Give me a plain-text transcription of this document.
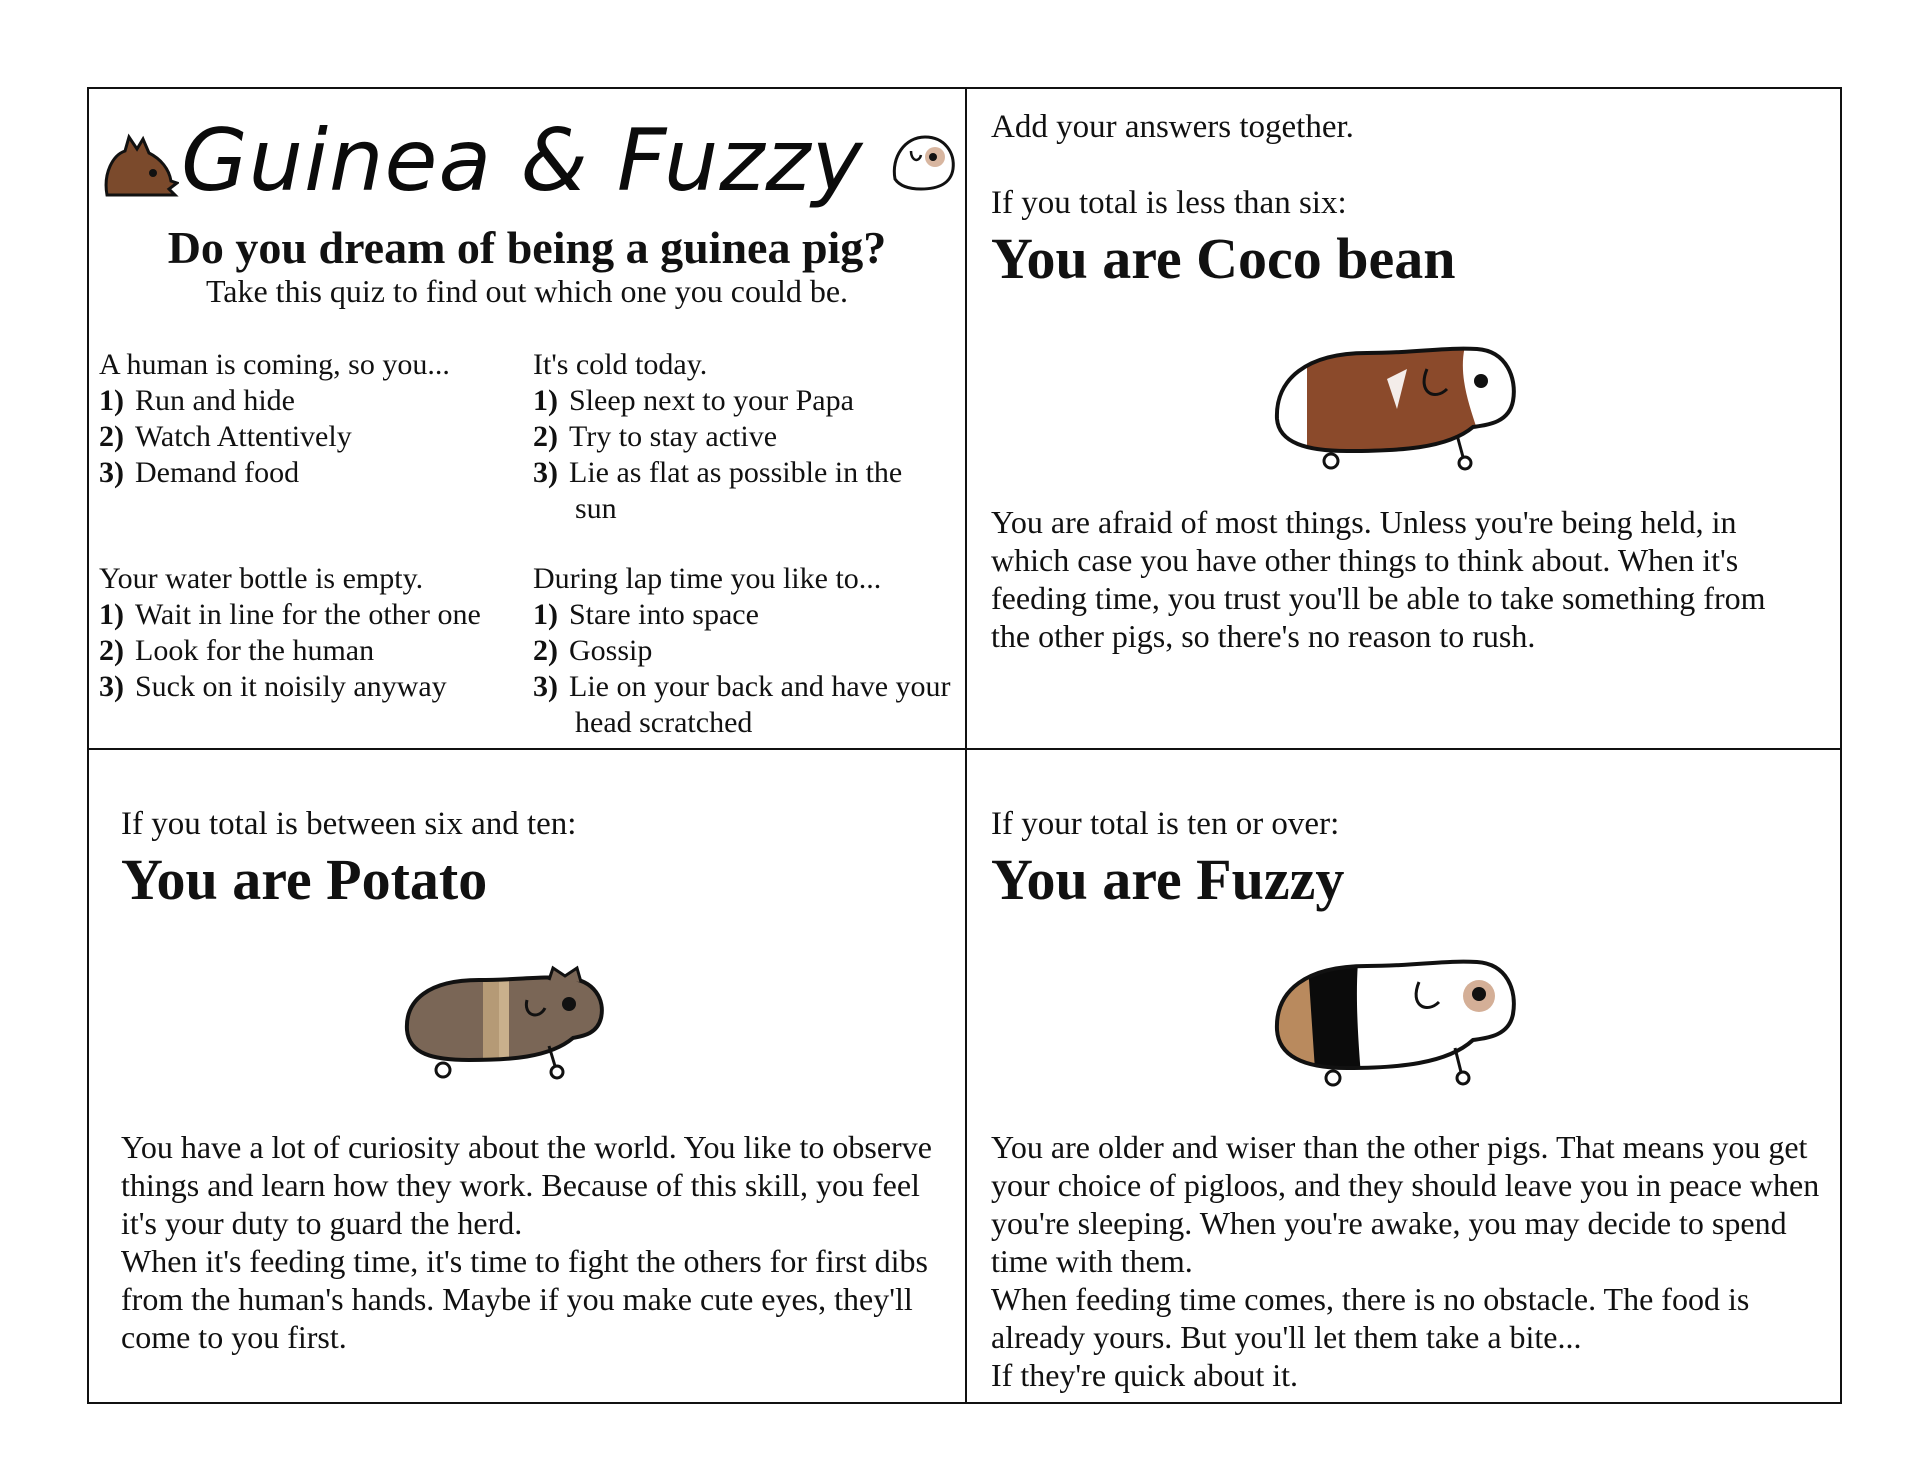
Guinea & Fuzzy
Do you dream of being a guinea pig?
Take this quiz to find out which one you could be.
A human is coming, so you...
1) Run and hide
2) Watch Attentively
3) Demand food
It's cold today.
1) Sleep next to your Papa
2) Try to stay active
3) Lie as flat as possible in the sun
Your water bottle is empty.
1) Wait in line for the other one
2) Look for the human
3) Suck on it noisily anyway
During lap time you like to...
1) Stare into space
2) Gossip
3) Lie on your back and have your head scratched
Add your answers together.
If you total is less than six:
You are Coco bean
You are afraid of most things. Unless you're being held, in which case you have other things to think about. When it's feeding time, you trust you'll be able to take something from the other pigs, so there's no reason to rush.
If you total is between six and ten:
You are Potato
You have a lot of curiosity about the world. You like to observe things and learn how they work. Because of this skill, you feel it's your duty to guard the herd.
When it's feeding time, it's time to fight the others for first dibs from the human's hands. Maybe if you make cute eyes, they'll come to you first.
If your total is ten or over:
You are Fuzzy
You are older and wiser than the other pigs. That means you get your choice of pigloos, and they should leave you in peace when you're sleeping. When you're awake, you may decide to spend time with them.
When feeding time comes, there is no obstacle. The food is already yours. But you'll let them take a bite...
If they're quick about it.
